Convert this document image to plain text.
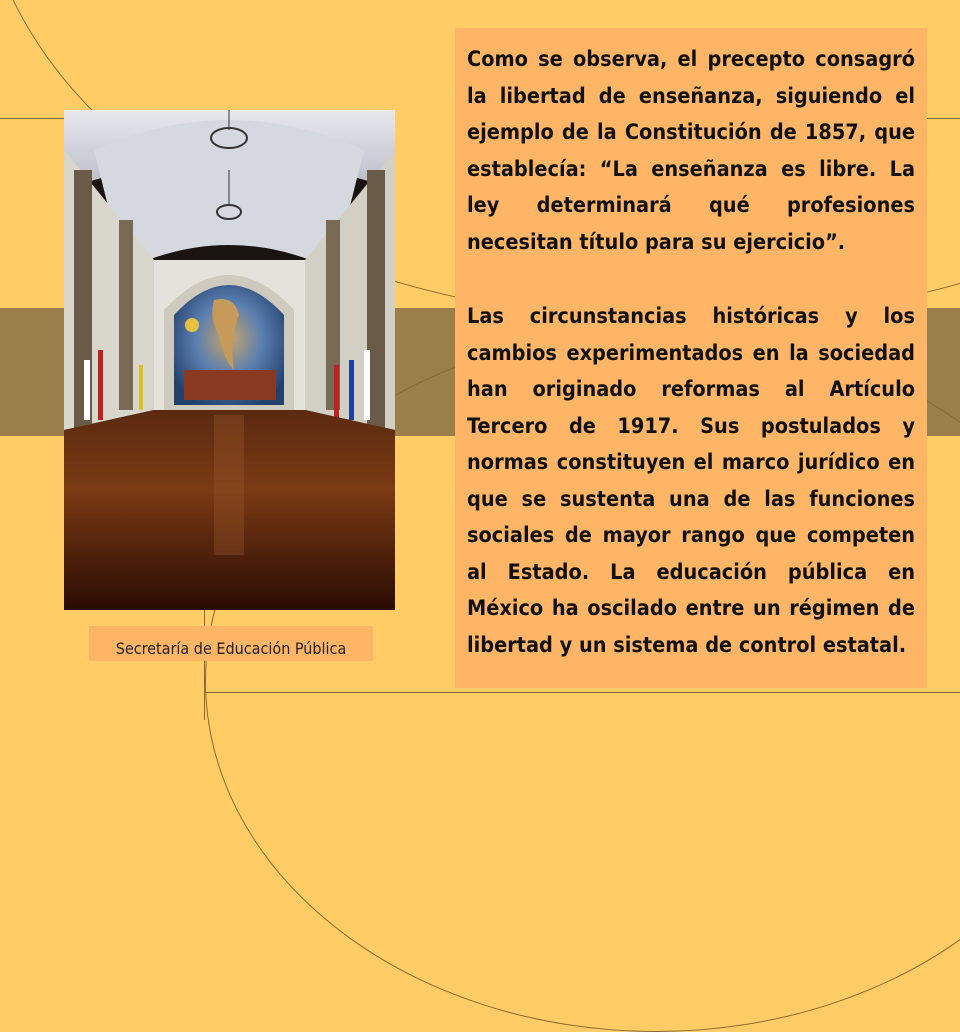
Secretaría de Educación Pública

Como se observa, el precepto consagró la libertad de enseñanza, siguiendo el ejemplo de la Constitución de 1857, que establecía: “La enseñanza es libre. La ley determinará qué profesiones necesitan título para su ejercicio”.

Las circunstancias históricas y los cambios experimentados en la sociedad han originado reformas al Artículo Tercero de 1917. Sus postulados y normas constituyen el marco jurídico en que se sustenta una de las funciones sociales de mayor rango que competen al Estado. La educación pública en México ha oscilado entre un régimen de libertad y un sistema de control estatal.
